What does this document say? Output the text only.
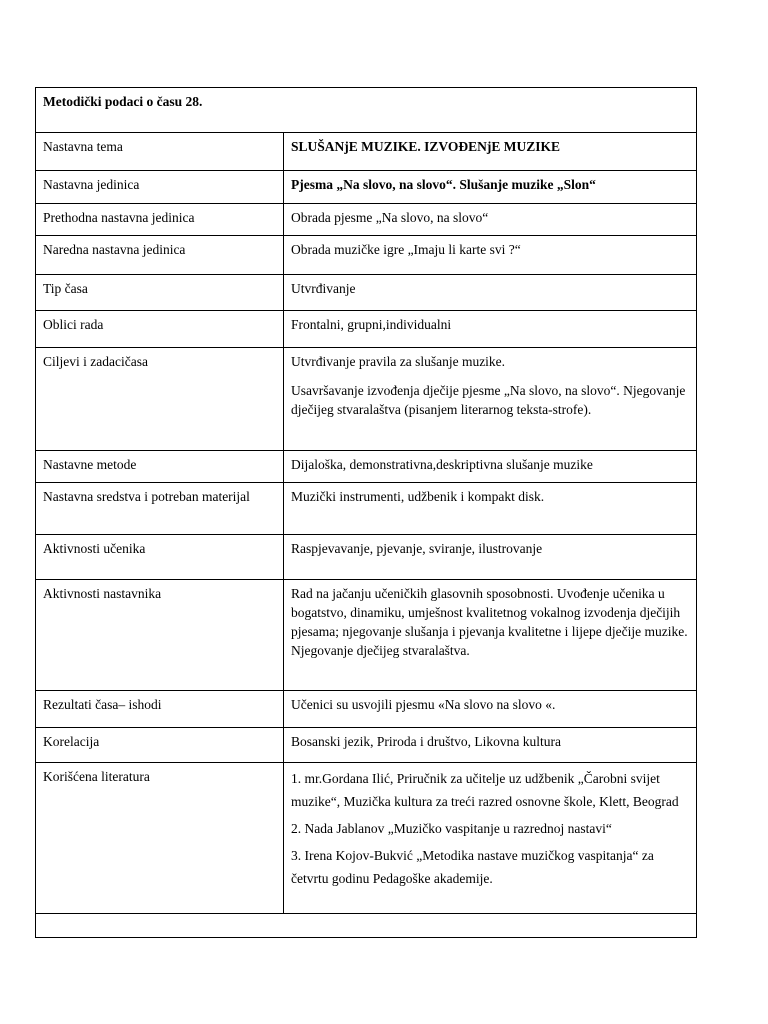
Metodički podaci o času 28.	
Nastavna tema	SLUŠANjE MUZIKE. IZVOĐENjE MUZIKE
Nastavna jedinica	Pjesma „Na slovo, na slovo“. Slušanje muzike „Slon“
Prethodna nastavna jedinica	Obrada pjesme „Na slovo, na slovo“
Naredna nastavna jedinica	Obrada muzičke igre „Imaju li karte svi ?“
Tip časa	Utvrđivanje
Oblici rada	Frontalni, grupni,individualni
Ciljevi i zadacičasa	Utvrđivanje pravila za slušanje muzike.

Usavršavanje izvođenja dječije pjesme „Na slovo, na slovo“. Njegovanje dječijeg stvaralaštva (pisanjem literarnog teksta-strofe).

Nastavne metode	Dijaloška, demonstrativna,deskriptivna slušanje muzike
Nastavna sredstva i potreban materijal	Muzički instrumenti, udžbenik i kompakt disk.
Aktivnosti učenika	Raspjevavanje, pjevanje, sviranje, ilustrovanje
Aktivnosti nastavnika	Rad na jačanju učeničkih glasovnih sposobnosti. Uvođenje učenika u bogatstvo, dinamiku, umješnost kvalitetnog vokalnog izvodenja dječijih pjesama; njegovanje slušanja i pjevanja kvalitetne i lijepe dječije muzike. Njegovanje dječijeg stvaralaštva.
Rezultati časa– ishodi	Učenici su usvojili pjesmu «Na slovo na slovo «.
Korelacija	Bosanski jezik, Priroda i društvo, Likovna kultura
Korišćena literatura	1. mr.Gordana Ilić, Priručnik za učitelje uz udžbenik „Čarobni svijet muzike“, Muzička kultura za treći razred osnovne škole, Klett, Beograd

2. Nada Jablanov „Muzičko vaspitanje u razrednoj nastavi“

3. Irena Kojov-Bukvić „Metodika nastave muzičkog vaspitanja“ za četvrtu godinu Pedagoške akademije.
